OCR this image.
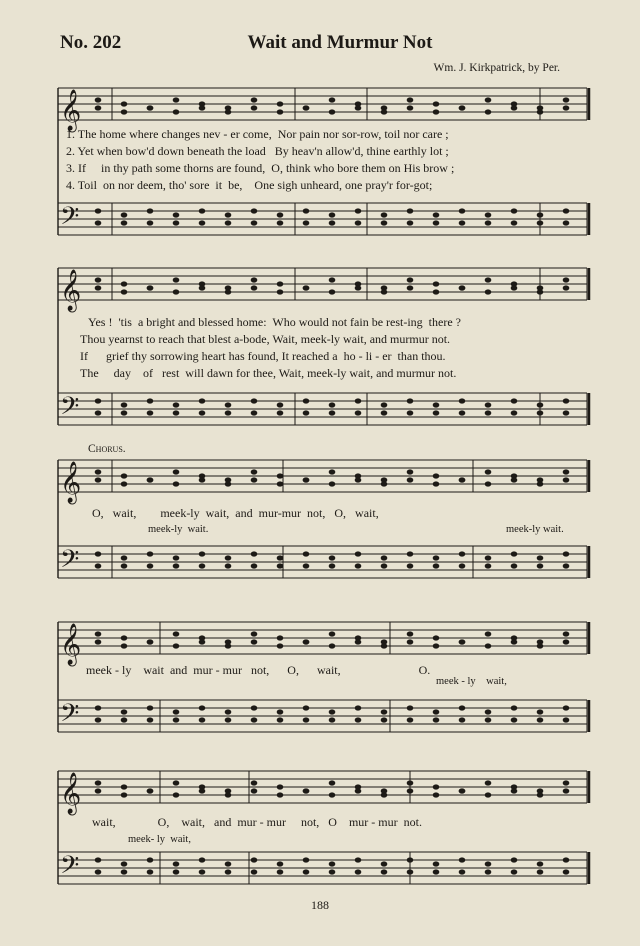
No. 202	Wait and Murmur Not
Wm. J. Kirkpatrick, by Per.
𝄞
𝄢
𝄞
𝄢
𝄞
𝄢
𝄞
𝄢
𝄞
𝄢
1. The home where changes nev - er come,  Nor pain nor sor-row, toil nor care ;
2. Yet when bow'd down beneath the load   By heav'n allow'd, thine earthly lot ;
3. If     in thy path some thorns are found,  O, think who bore them on His brow ;
4. Toil  on nor deem, tho' sore  it  be,    One sigh unheard, one pray'r for-got;
Yes !  'tis  a bright and blessed home:  Who would not fain be rest-ing  there ?
Thou yearnst to reach that blest a-bode, Wait, meek-ly wait, and murmur not.
If      grief thy sorrowing heart has found, It reached a  ho - li - er  than thou.
The     day    of   rest  will dawn for thee, Wait, meek-ly wait, and murmur not.
Chorus.
O,   wait,        meek-ly  wait,  and  mur-mur  not,   O,   wait,
meek-ly  wait.	meek-ly wait.
meek - ly    wait  and  mur - mur   not,      O,      wait,                          O.
meek - ly    wait,
wait,              O,    wait,   and  mur - mur     not,   O    mur - mur  not.
meek- ly  wait,
188
